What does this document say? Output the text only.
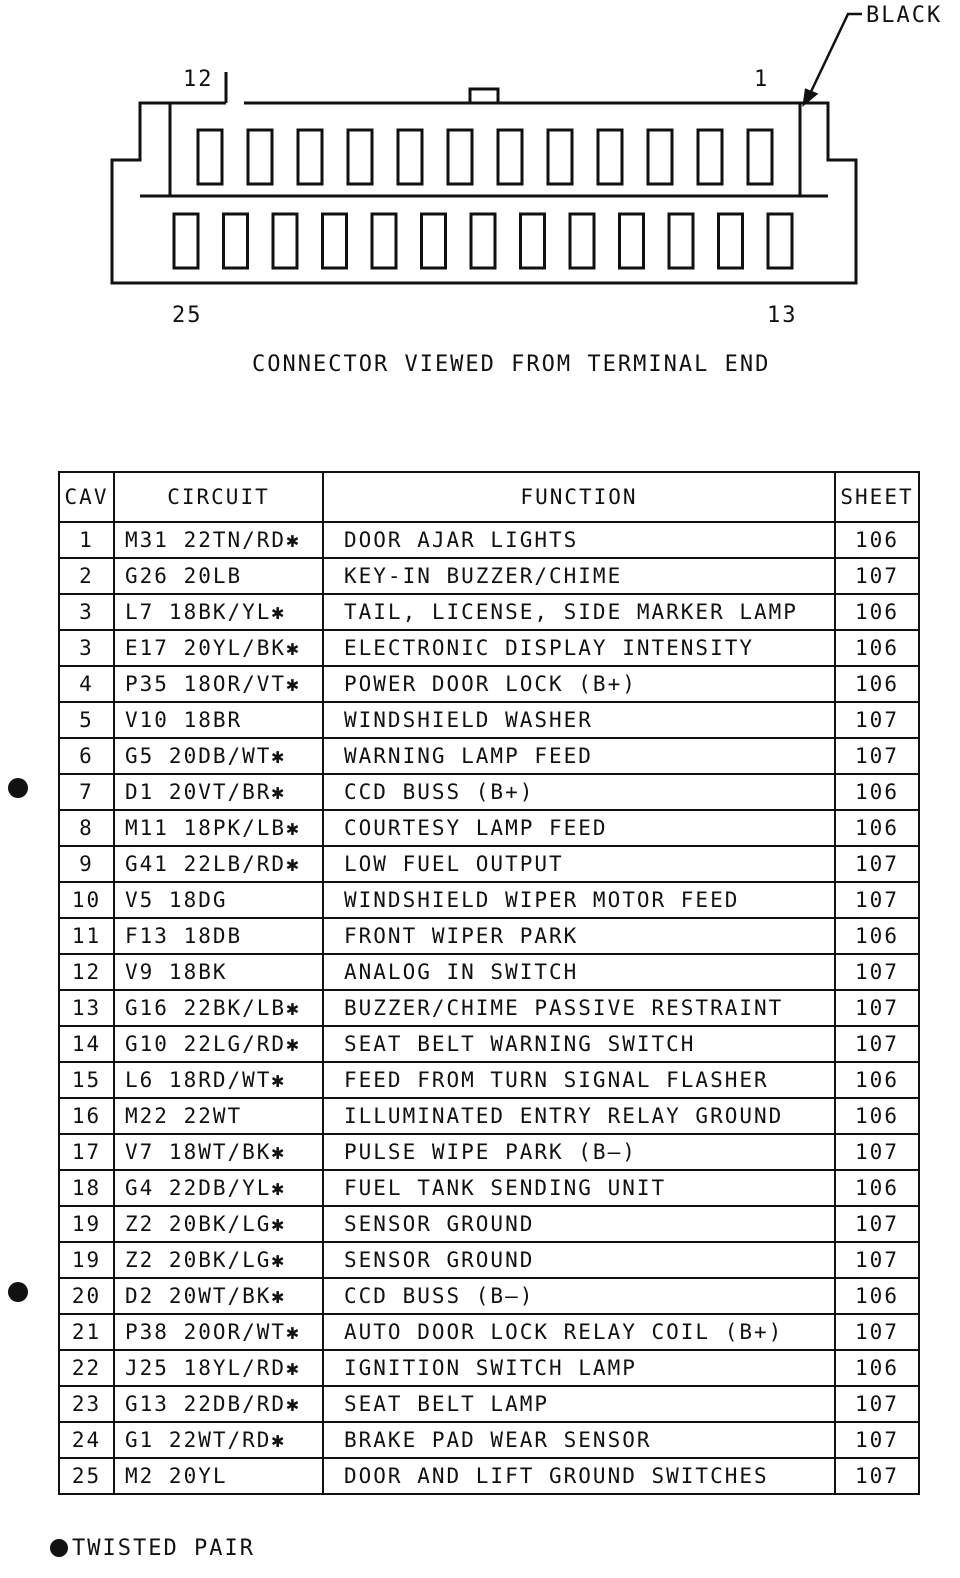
BLACK
12	1
25	13
CONNECTOR VIEWED FROM TERMINAL END
CAV	CIRCUIT	FUNCTION	SHEET
1	M31 22TN/RD✱	DOOR AJAR LIGHTS	106
2	G26 20LB	KEY-IN BUZZER/CHIME	107
3	L7 18BK/YL✱	TAIL, LICENSE, SIDE MARKER LAMP	106
3	E17 20YL/BK✱	ELECTRONIC DISPLAY INTENSITY	106
4	P35 18OR/VT✱	POWER DOOR LOCK (B+)	106
5	V10 18BR	WINDSHIELD WASHER	107
6	G5 20DB/WT✱	WARNING LAMP FEED	107
7	D1 20VT/BR✱	CCD BUSS (B+)	106
8	M11 18PK/LB✱	COURTESY LAMP FEED	106
9	G41 22LB/RD✱	LOW FUEL OUTPUT	107
10	V5 18DG	WINDSHIELD WIPER MOTOR FEED	107
11	F13 18DB	FRONT WIPER PARK	106
12	V9 18BK	ANALOG IN SWITCH	107
13	G16 22BK/LB✱	BUZZER/CHIME PASSIVE RESTRAINT	107
14	G10 22LG/RD✱	SEAT BELT WARNING SWITCH	107
15	L6 18RD/WT✱	FEED FROM TURN SIGNAL FLASHER	106
16	M22 22WT	ILLUMINATED ENTRY RELAY GROUND	106
17	V7 18WT/BK✱	PULSE WIPE PARK (B–)	107
18	G4 22DB/YL✱	FUEL TANK SENDING UNIT	106
19	Z2 20BK/LG✱	SENSOR GROUND	107
19	Z2 20BK/LG✱	SENSOR GROUND	107
20	D2 20WT/BK✱	CCD BUSS (B–)	106
21	P38 20OR/WT✱	AUTO DOOR LOCK RELAY COIL (B+)	107
22	J25 18YL/RD✱	IGNITION SWITCH LAMP	106
23	G13 22DB/RD✱	SEAT BELT LAMP	107
24	G1 22WT/RD✱	BRAKE PAD WEAR SENSOR	107
25	M2 20YL	DOOR AND LIFT GROUND SWITCHES	107
TWISTED PAIR
